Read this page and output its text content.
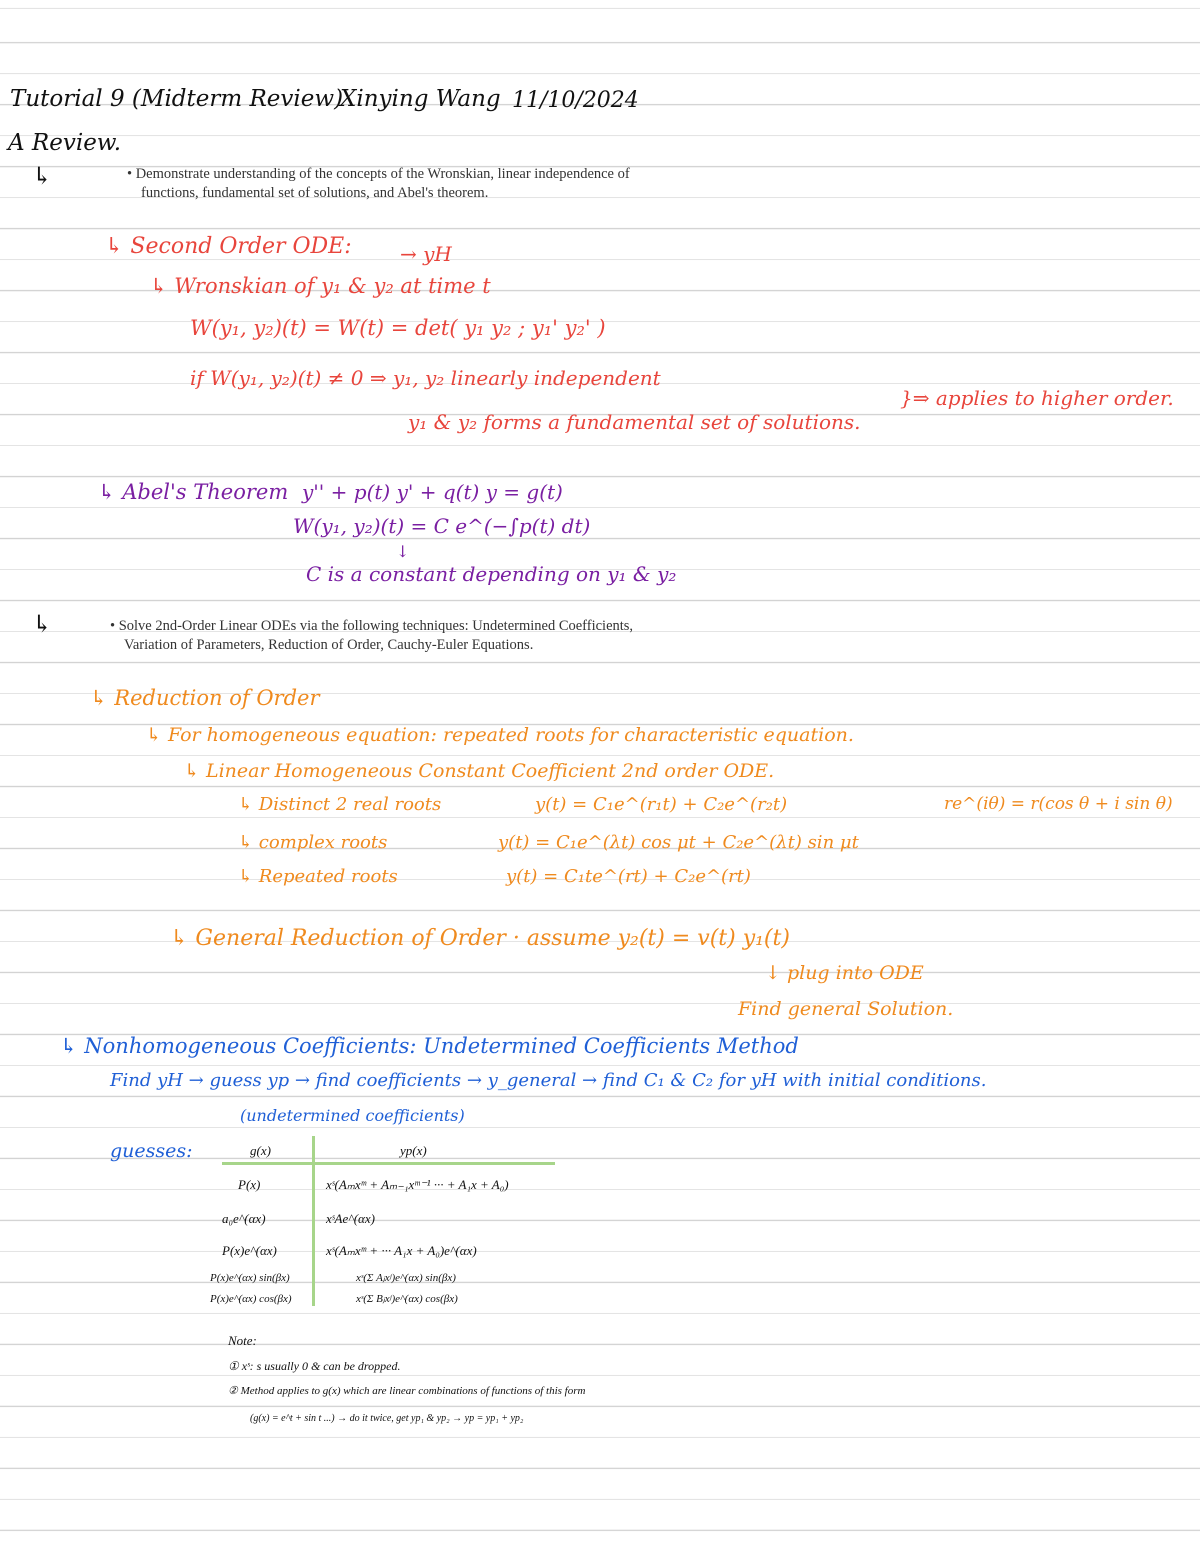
Tutorial 9 (Midterm Review)
Xinying Wang 11/10/2024
A Review.
↳	• Demonstrate understanding of the concepts of the Wronskian, linear independence of
functions, fundamental set of solutions, and Abel's theorem.
↳ Second Order ODE: → yH
↳ Wronskian of y₁ & y₂ at time t
W(y₁, y₂)(t) = W(t) = det( y₁ y₂ ; y₁' y₂' )
if W(y₁, y₂)(t) ≠ 0 ⇒ y₁, y₂ linearly independent
y₁ & y₂ forms a fundamental set of solutions.
}⇒ applies to higher order.
↳ Abel's Theorem y'' + p(t) y' + q(t) y = g(t)
W(y₁, y₂)(t) = C e^(−∫p(t) dt)
↓
C is a constant depending on y₁ & y₂
↳	• Solve 2nd-Order Linear ODEs via the following techniques: Undetermined Coefficients,
Variation of Parameters, Reduction of Order, Cauchy-Euler Equations.
↳ Reduction of Order
↳ For homogeneous equation: repeated roots for characteristic equation.
↳ Linear Homogeneous Constant Coefficient 2nd order ODE.
↳ Distinct 2 real roots	y(t) = C₁e^(r₁t) + C₂e^(r₂t)	re^(iθ) = r(cos θ + i sin θ)
↳ complex roots	y(t) = C₁e^(λt) cos μt + C₂e^(λt) sin μt
↳ Repeated roots	y(t) = C₁te^(rt) + C₂e^(rt)
↳ General Reduction of Order · assume y₂(t) = v(t) y₁(t)
↓ plug into ODE
Find general Solution.
↳ Nonhomogeneous Coefficients: Undetermined Coefficients Method
Find yH → guess yp → find coefficients → y_general → find C₁ & C₂ for yH with initial conditions.
(undetermined coefficients)
guesses:	g(x)	yp(x)
P(x)	xˢ(Aₘxᵐ + Aₘ₋₁xᵐ⁻¹ ··· + A₁x + A₀)
a₀e^(αx)	xˢAe^(αx)
P(x)e^(αx)	xˢ(Aₘxᵐ + ··· A₁x + A₀)e^(αx)
P(x)e^(αx) sin(βx)	xˢ(Σ Aⱼxʲ)e^(αx) sin(βx)
P(x)e^(αx) cos(βx)	xˢ(Σ Bⱼxʲ)e^(αx) cos(βx)
Note:
① xˢ: s usually 0 & can be dropped.
② Method applies to g(x) which are linear combinations of functions of this form
(g(x) = e^t + sin t ...) → do it twice, get yp₁ & yp₂ → yp = yp₁ + yp₂
